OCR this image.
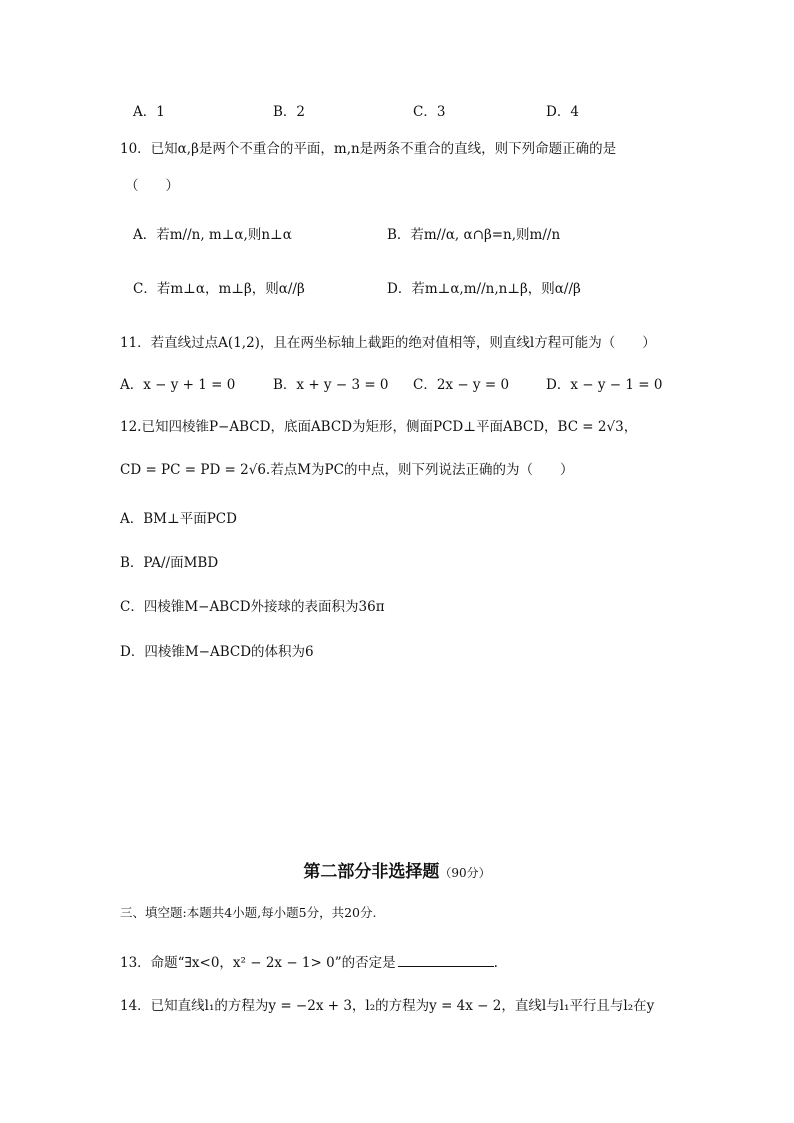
A．1	B．2	C．3	D．4
10．已知α,β是两个不重合的平面，m,n是两条不重合的直线，则下列命题正确的是
（　　）
A．若m//n, m⊥α,则n⊥α	B．若m//α, α∩β=n,则m//n
C．若m⊥α，m⊥β，则α//β	D．若m⊥α,m//n,n⊥β，则α//β
11．若直线过点A(1,2)，且在两坐标轴上截距的绝对值相等，则直线l方程可能为（　　）
A．x − y + 1 = 0	B．x + y − 3 = 0 C．2x − y = 0	D．x − y − 1 = 0
12.已知四棱锥P−ABCD，底面ABCD为矩形，侧面PCD⊥平面ABCD，BC = 2√3，
CD = PC = PD = 2√6.若点M为PC的中点，则下列说法正确的为（　　）
A．BM⊥平面PCD
B．PA//面MBD
C．四棱锥M−ABCD外接球的表面积为36π
D．四棱锥M−ABCD的体积为6
第二部分非选择题（90分）
三、填空题:本题共4小题,每小题5分，共20分.
13．命题“∃x<0，x² − 2x − 1> 0”的否定是	.
14．已知直线l₁的方程为y = −2x + 3，l₂的方程为y = 4x − 2，直线l与l₁平行且与l₂在y
